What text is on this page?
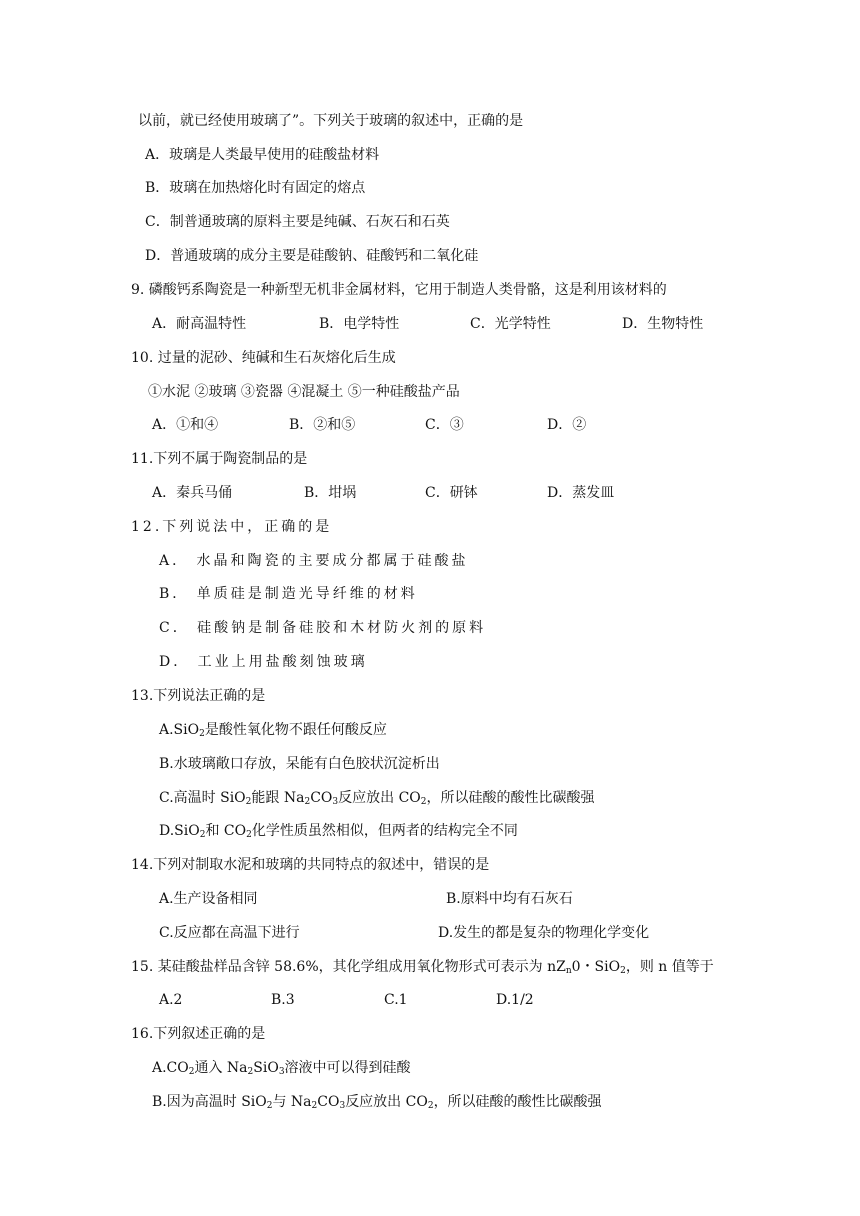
以前，就已经使用玻璃了”。下列关于玻璃的叙述中，正确的是
A．玻璃是人类最早使用的硅酸盐材料
B．玻璃在加热熔化时有固定的熔点
C．制普通玻璃的原料主要是纯碱、石灰石和石英
D．普通玻璃的成分主要是硅酸钠、硅酸钙和二氧化硅
9. 磷酸钙系陶瓷是一种新型无机非金属材料，它用于制造人类骨骼，这是利用该材料的
A．耐高温特性	B．电学特性	C．光学特性	D．生物特性
10. 过量的泥砂、纯碱和生石灰熔化后生成
①水泥 ②玻璃 ③瓷器 ④混凝土 ⑤一种硅酸盐产品
A．①和④	B．②和⑤	C．③	D．②
11.下列不属于陶瓷制品的是
A．秦兵马俑	B．坩埚	C．研钵	D．蒸发皿
12.下列说法中，正确的是
A． 水晶和陶瓷的主要成分都属于硅酸盐
B． 单质硅是制造光导纤维的材料
C． 硅酸钠是制备硅胶和木材防火剂的原料
D． 工业上用盐酸刻蚀玻璃
13.下列说法正确的是
A.SiO$_2$是酸性氧化物不跟任何酸反应
B.水玻璃敞口存放，呆能有白色胶状沉淀析出
C.高温时 SiO$_2$能跟 $Na_2CO_3$反应放出 $CO_2$，所以硅酸的酸性比碳酸强
D.SiO$_2$和 $CO_2$化学性质虽然相似，但两者的结构完全不同
14.下列对制取水泥和玻璃的共同特点的叙述中，错误的是
A.生产设备相同	B.原料中均有石灰石
C.反应都在高温下进行	D.发生的都是复杂的物理化学变化
15. 某硅酸盐样品含锌 58.6%，其化学组成用氧化物形式可表示为 $nZ_n0$・SiO$_2$，则 n 值等于
A.2	B.3	C.1	D.1/2
16.下列叙述正确的是
$A.CO_2$通入 $Na_2SiO_3$溶液中可以得到硅酸
B.因为高温时 SiO$_2$与 $Na_2CO_3$反应放出 $CO_2$，所以硅酸的酸性比碳酸强
